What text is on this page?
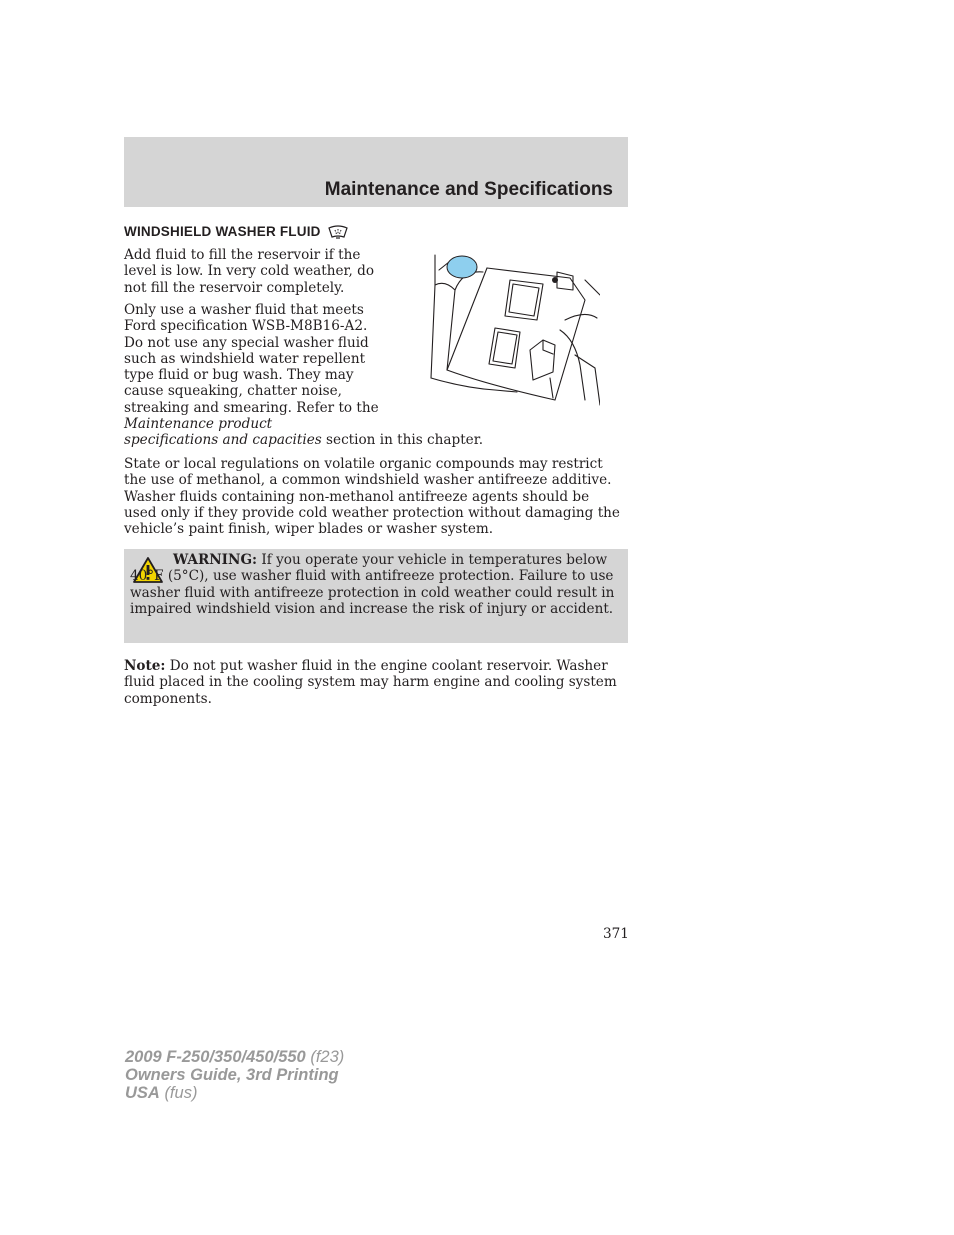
Maintenance and Specifications
WINDSHIELD WASHER FLUID

Add fluid to fill the reservoir if the level is low. In very cold weather, do not fill the reservoir completely.

Only use a washer fluid that meets Ford specification WSB-M8B16-A2. Do not use any special washer fluid such as windshield water repellent type fluid or bug wash. They may cause squeaking, chatter noise, streaking and smearing. Refer to the
Maintenance product
specifications and capacities section in this chapter.

State or local regulations on volatile organic compounds may restrict the use of methanol, a common windshield washer antifreeze additive. Washer fluids containing non-methanol antifreeze agents should be used only if they provide cold weather protection without damaging the vehicle’s paint finish, wiper blades or washer system.

WARNING: If you operate your vehicle in temperatures below 40°F (5°C), use washer fluid with antifreeze protection. Failure to use washer fluid with antifreeze protection in cold weather could result in impaired windshield vision and increase the risk of injury or accident.

Note: Do not put washer fluid in the engine coolant reservoir. Washer fluid placed in the cooling system may harm engine and cooling system components.

371
2009 F-250/350/450/550 (f23)
Owners Guide, 3rd Printing
USA (fus)
